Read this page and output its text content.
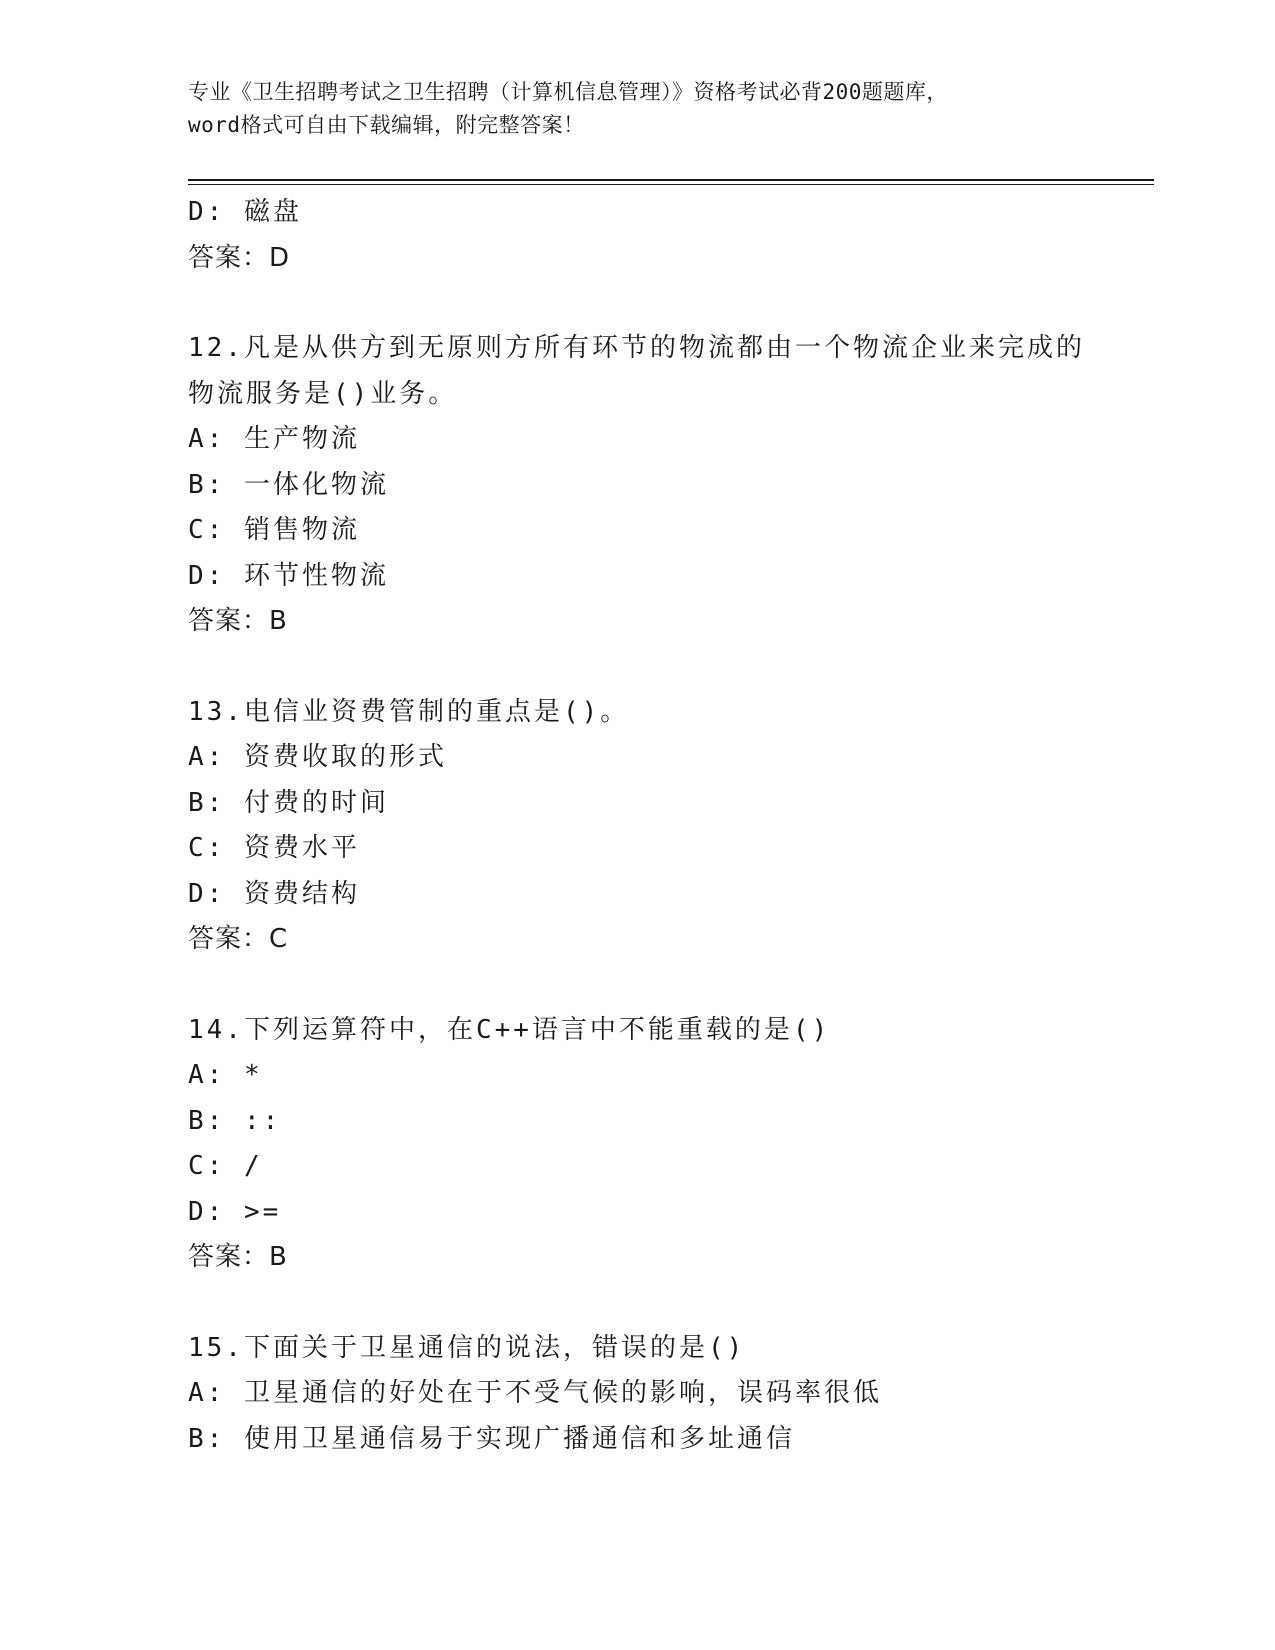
专业《卫生招聘考试之卫生招聘（计算机信息管理）》资格考试必背200题题库，
word格式可自由下载编辑，附完整答案！
D: 磁盘
答案：D
12.凡是从供方到无原则方所有环节的物流都由一个物流企业来完成的
物流服务是()业务。
A: 生产物流
B: 一体化物流
C: 销售物流
D: 环节性物流
答案：B
13.电信业资费管制的重点是()。
A: 资费收取的形式
B: 付费的时间
C: 资费水平
D: 资费结构
答案：C
14.下列运算符中，在C++语言中不能重载的是()
A: *
B: ::
C: /
D: >=
答案：B
15.下面关于卫星通信的说法，错误的是()
A: 卫星通信的好处在于不受气候的影响，误码率很低
B: 使用卫星通信易于实现广播通信和多址通信
